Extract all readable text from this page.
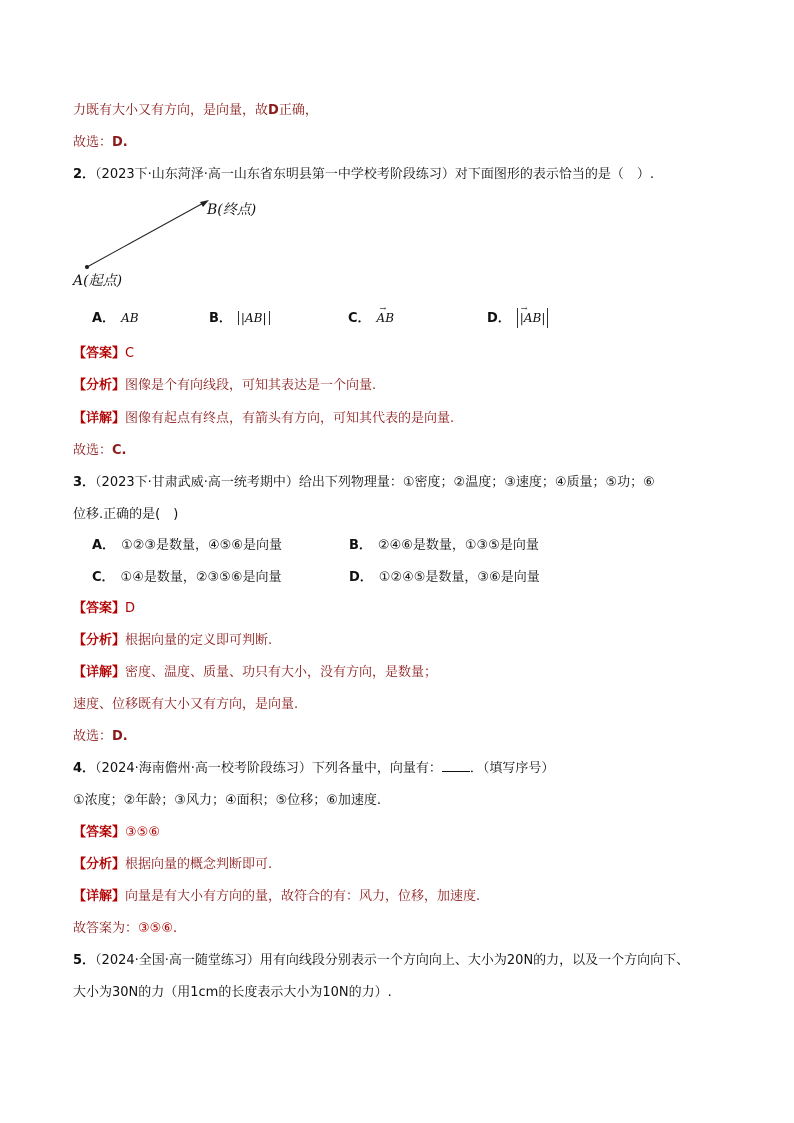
力既有大小又有方向，是向量，故D正确，
故选：D.
2．（2023下·山东菏泽·高一山东省东明县第一中学校考阶段练习）对下面图形的表示恰当的是（　）.
B(终点)
A(起点)
A． AB	B． |AB|	C． → AB	D． → |AB|
【答案】C
【分析】图像是个有向线段，可知其表达是一个向量.
【详解】图像有起点有终点，有箭头有方向，可知其代表的是向量.
故选：C.
3．（2023下·甘肃武威·高一统考期中）给出下列物理量：①密度；②温度；③速度；④质量；⑤功；⑥
位移.正确的是(　)
A． ①②③是数量，④⑤⑥是向量	B． ②④⑥是数量，①③⑤是向量
C． ①④是数量，②③⑤⑥是向量	D． ①②④⑤是数量，③⑥是向量
【答案】D
【分析】根据向量的定义即可判断.
【详解】密度、温度、质量、功只有大小，没有方向，是数量；
速度、位移既有大小又有方向，是向量.
故选：D.
4．（2024·海南儋州·高一校考阶段练习）下列各量中，向量有： ．（填写序号）
①浓度；②年龄；③风力；④面积；⑤位移；⑥加速度.
【答案】③⑤⑥
【分析】根据向量的概念判断即可.
【详解】向量是有大小有方向的量，故符合的有：风力，位移，加速度.
故答案为：③⑤⑥.
5．（2024·全国·高一随堂练习）用有向线段分别表示一个方向向上、大小为20N的力，以及一个方向向下、
大小为30N的力（用1cm的长度表示大小为10N的力）.
